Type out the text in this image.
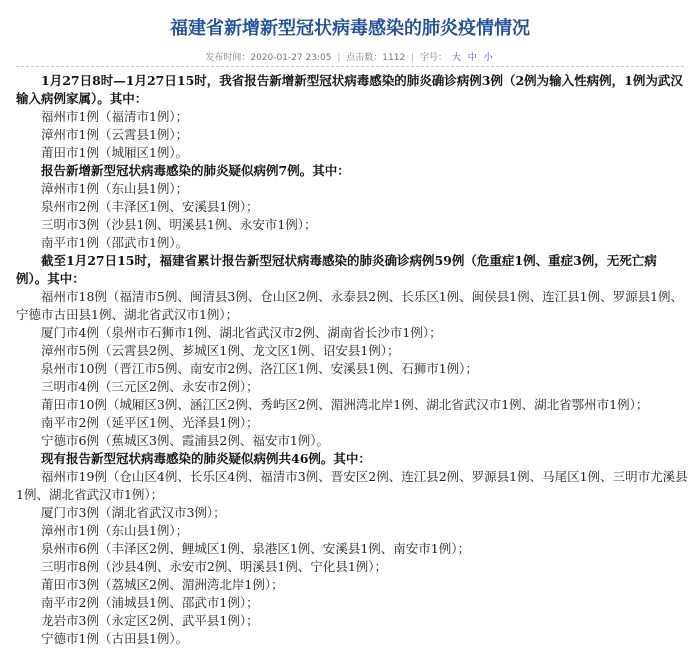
福建省新增新型冠状病毒感染的肺炎疫情情况
发布时间：2020-01-27 23:05 | 点击数：1112 | 字号： 大 中 小

1月27日8时—1月27日15时，我省报告新增新型冠状病毒感染的肺炎确诊病例3例（2例为输入性病例，1例为武汉输入病例家属）。其中：

福州市1例（福清市1例）；

漳州市1例（云霄县1例）；

莆田市1例（城厢区1例）。

报告新增新型冠状病毒感染的肺炎疑似病例7例。其中：

漳州市1例（东山县1例）；

泉州市2例（丰泽区1例、安溪县1例）；

三明市3例（沙县1例、明溪县1例、永安市1例）；

南平市1例（邵武市1例）。

截至1月27日15时，福建省累计报告新型冠状病毒感染的肺炎确诊病例59例（危重症1例、重症3例，无死亡病例）。其中：

福州市18例（福清市5例、闽清县3例、仓山区2例、永泰县2例、长乐区1例、闽侯县1例、连江县1例、罗源县1例、宁德市古田县1例、湖北省武汉市1例）；

厦门市4例（泉州市石狮市1例、湖北省武汉市2例、湖南省长沙市1例）；

漳州市5例（云霄县2例、芗城区1例、龙文区1例、诏安县1例）；

泉州市10例（晋江市5例、南安市2例、洛江区1例、安溪县1例、石狮市1例）；

三明市4例（三元区2例、永安市2例）；

莆田市10例（城厢区3例、涵江区2例、秀屿区2例、湄洲湾北岸1例、湖北省武汉市1例、湖北省鄂州市1例）；

南平市2例（延平区1例、光泽县1例）；

宁德市6例（蕉城区3例、霞浦县2例、福安市1例）。

现有报告新型冠状病毒感染的肺炎疑似病例共46例。其中：

福州市19例（仓山区4例、长乐区4例、福清市3例、晋安区2例、连江县2例、罗源县1例、马尾区1例、三明市尤溪县1例、湖北省武汉市1例）；

厦门市3例（湖北省武汉市3例）；

漳州市1例（东山县1例）；

泉州市6例（丰泽区2例、鲤城区1例、泉港区1例、安溪县1例、南安市1例）；

三明市8例（沙县4例、永安市2例、明溪县1例、宁化县1例）；

莆田市3例（荔城区2例、湄洲湾北岸1例）；

南平市2例（浦城县1例、邵武市1例）；

龙岩市3例（永定区2例、武平县1例）；

宁德市1例（古田县1例）。
